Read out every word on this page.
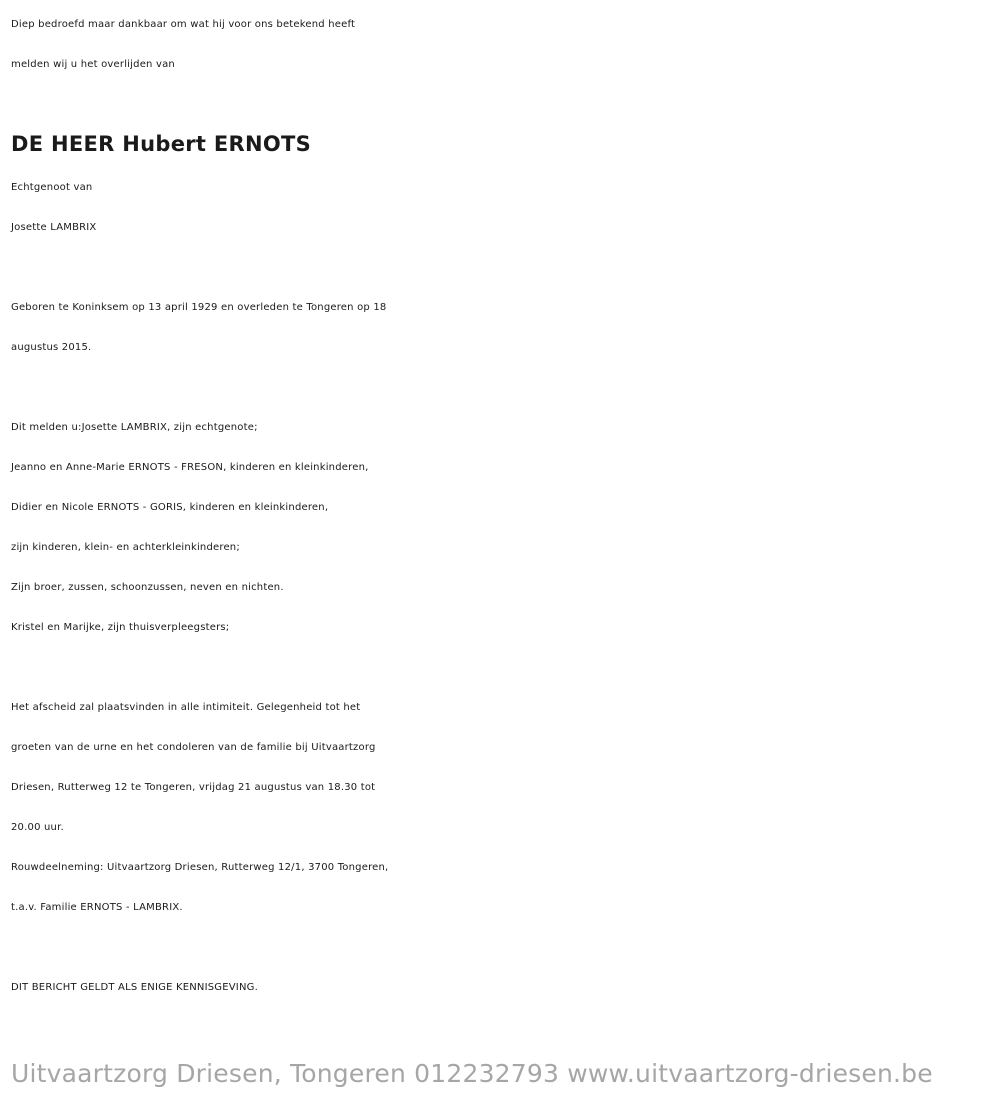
Diep bedroefd maar dankbaar om wat hij voor ons betekend heeft
melden wij u het overlijden van
DE HEER Hubert ERNOTS
Echtgenoot van
Josette LAMBRIX
Geboren te Koninksem op 13 april 1929 en overleden te Tongeren op 18
augustus 2015.
Dit melden u:Josette LAMBRIX, zijn echtgenote;
Jeanno en Anne-Marie ERNOTS - FRESON, kinderen en kleinkinderen,
Didier en Nicole ERNOTS - GORIS, kinderen en kleinkinderen,
zijn kinderen, klein- en achterkleinkinderen;
Zijn broer, zussen, schoonzussen, neven en nichten.
Kristel en Marijke, zijn thuisverpleegsters;
Het afscheid zal plaatsvinden in alle intimiteit. Gelegenheid tot het
groeten van de urne en het condoleren van de familie bij Uitvaartzorg
Driesen, Rutterweg 12 te Tongeren, vrijdag 21 augustus van 18.30 tot
20.00 uur.
Rouwdeelneming: Uitvaartzorg Driesen, Rutterweg 12/1, 3700 Tongeren,
t.a.v. Familie ERNOTS - LAMBRIX.
DIT BERICHT GELDT ALS ENIGE KENNISGEVING.
Uitvaartzorg Driesen, Tongeren 012232793 www.uitvaartzorg-driesen.be
